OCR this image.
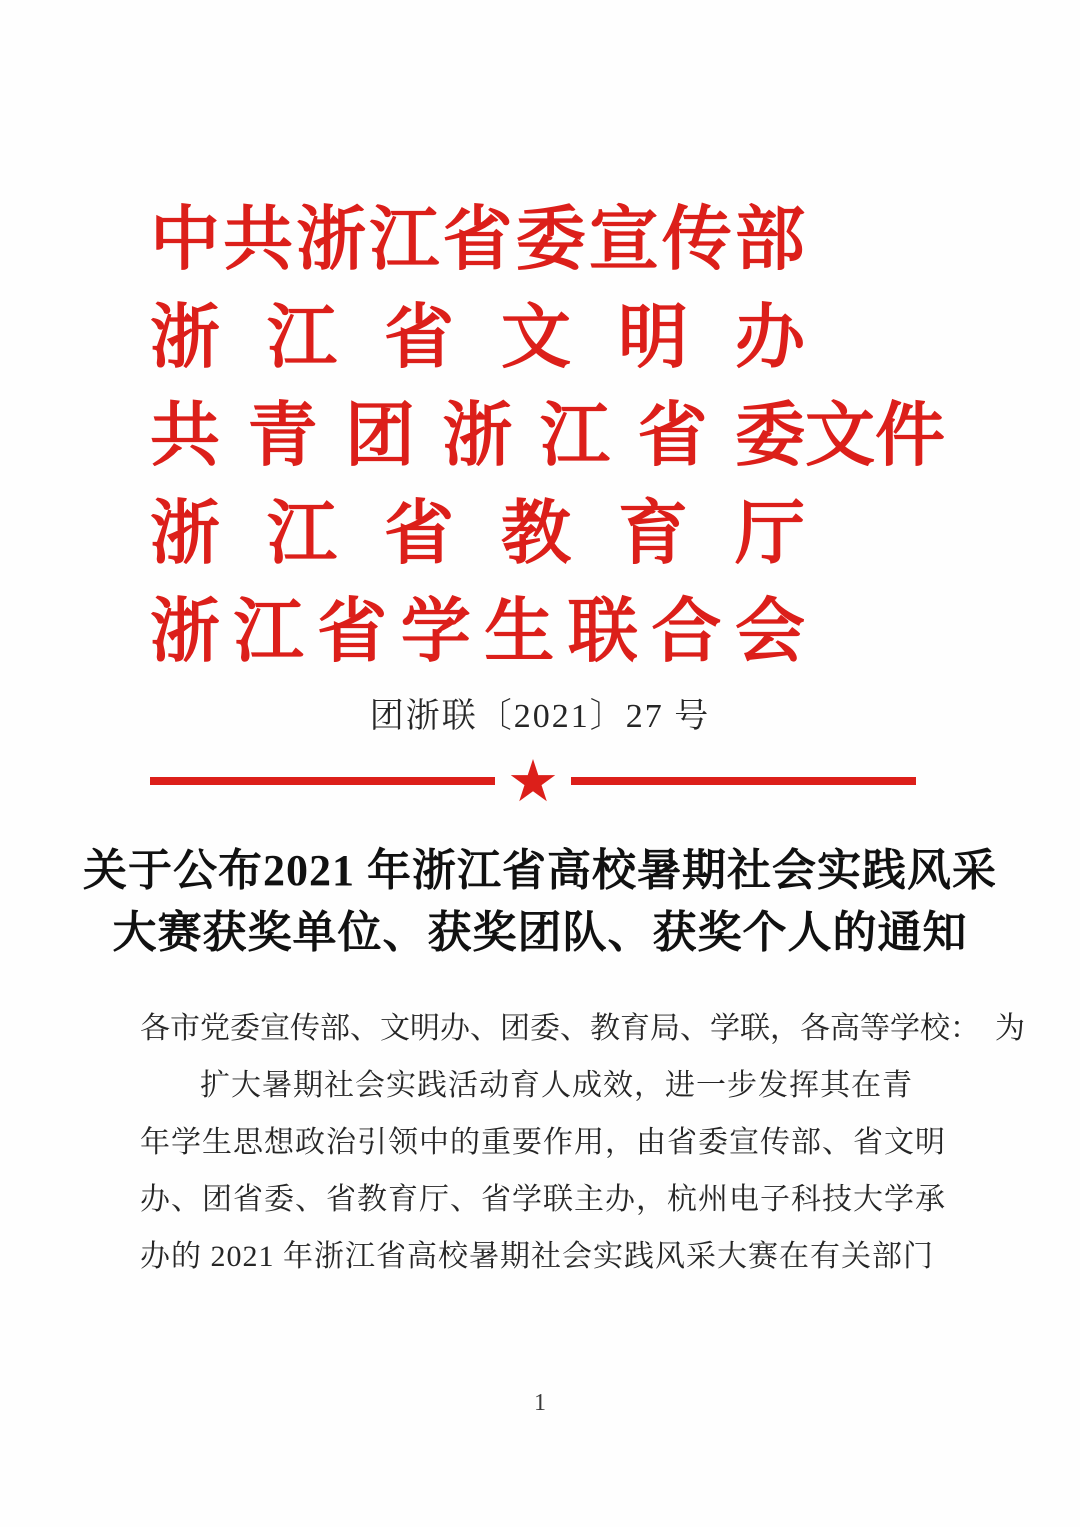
中共浙江省委宣传部
浙江省文明办
共青团浙江省委 文件
浙江省教育厅
浙江省学生联合会
团浙联〔2021〕27 号
★
关于公布2021 年浙江省高校暑期社会实践风采
大赛获奖单位、获奖团队、获奖个人的通知

各市党委宣传部、文明办、团委、教育局、学联，各高等学校：　为

扩大暑期社会实践活动育人成效，进一步发挥其在青

年学生思想政治引领中的重要作用，由省委宣传部、省文明

办、团省委、省教育厅、省学联主办，杭州电子科技大学承

办的 2021 年浙江省高校暑期社会实践风采大赛在有关部门

1
